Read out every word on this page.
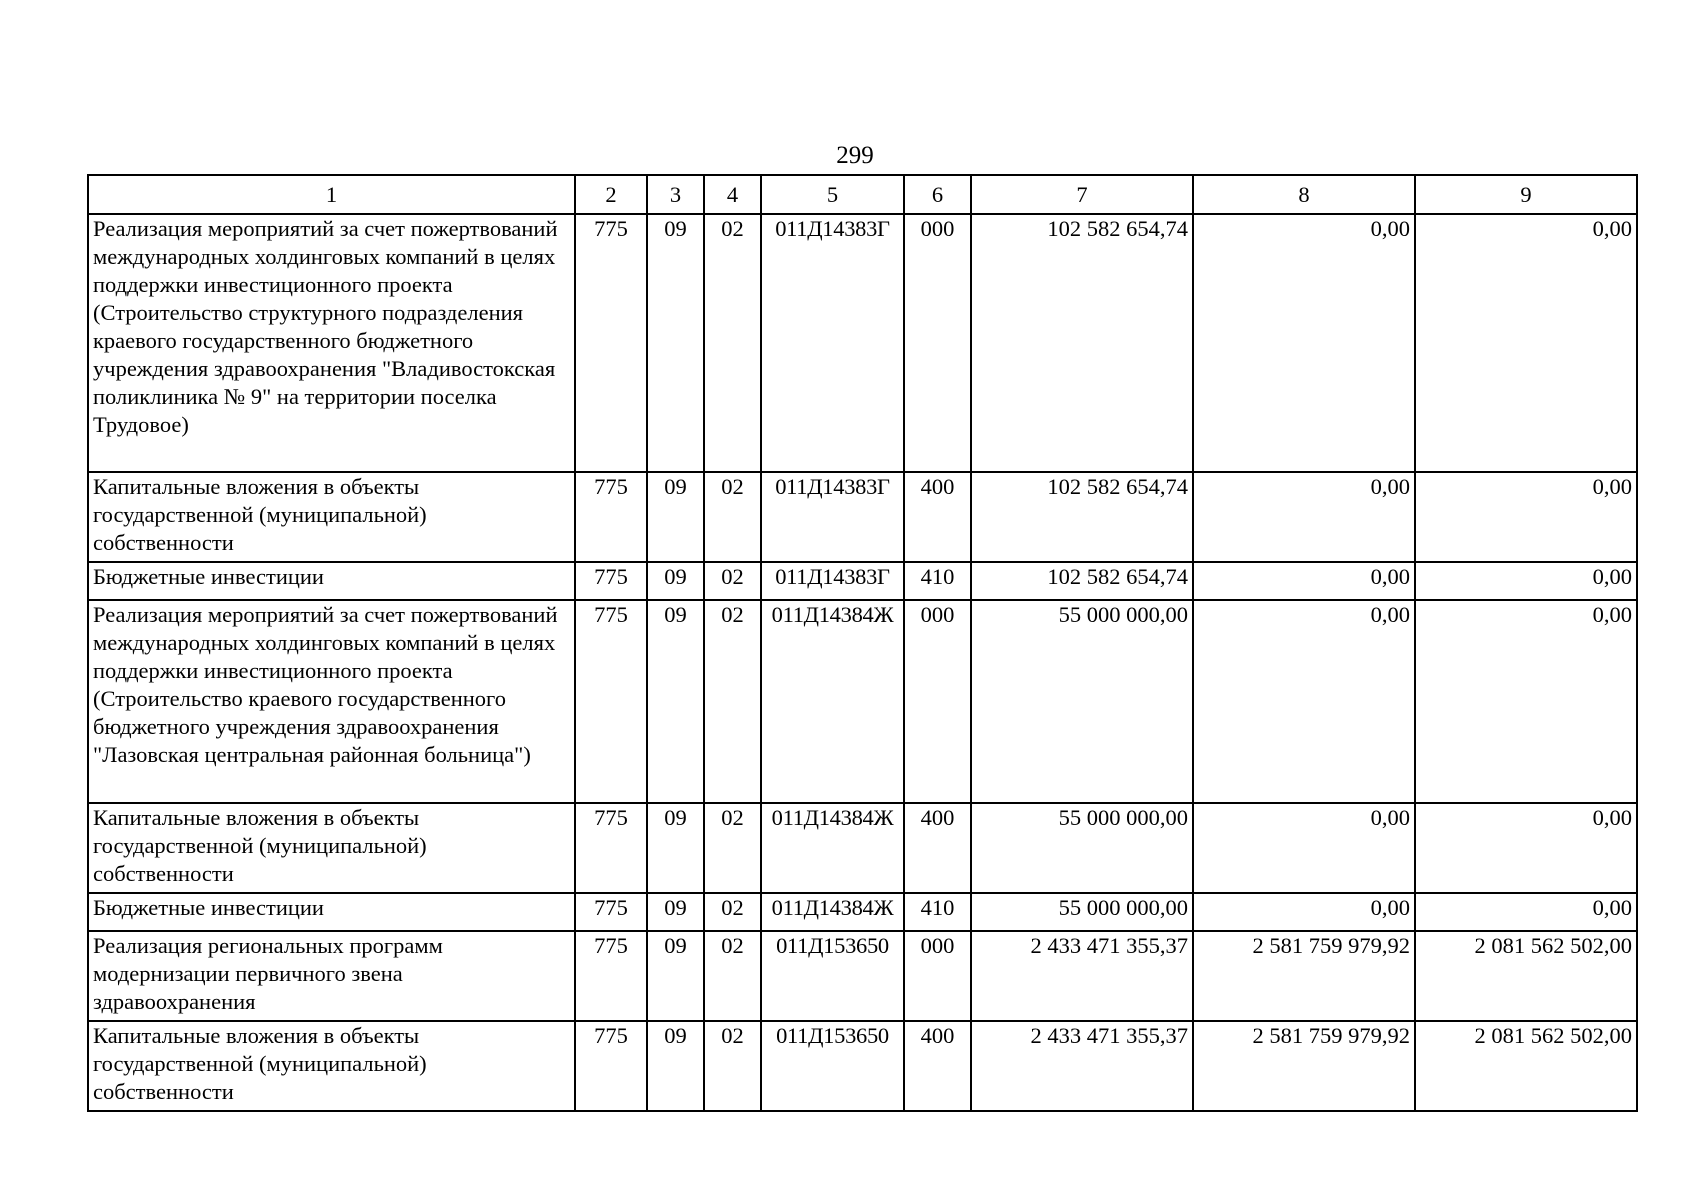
299
1	2	3	4	5	6	7	8	9
Реализация мероприятий за счет пожертвований международных холдинговых компаний в целях поддержки инвестиционного проекта (Строительство структурного подразделения краевого государственного бюджетного учреждения здравоохранения "Владивостокская поликлиника № 9" на территории поселка Трудовое)	775	09	02	011Д14383Г	000	102 582 654,74	0,00	0,00
Капитальные вложения в объекты государственной (муниципальной) собственности	775	09	02	011Д14383Г	400	102 582 654,74	0,00	0,00
Бюджетные инвестиции	775	09	02	011Д14383Г	410	102 582 654,74	0,00	0,00
Реализация мероприятий за счет пожертвований международных холдинговых компаний в целях поддержки инвестиционного проекта (Строительство краевого государственного бюджетного учреждения здравоохранения "Лазовская центральная районная больница")	775	09	02	011Д14384Ж	000	55 000 000,00	0,00	0,00
Капитальные вложения в объекты государственной (муниципальной) собственности	775	09	02	011Д14384Ж	400	55 000 000,00	0,00	0,00
Бюджетные инвестиции	775	09	02	011Д14384Ж	410	55 000 000,00	0,00	0,00
Реализация региональных программ модернизации первичного звена здравоохранения	775	09	02	011Д153650	000	2 433 471 355,37	2 581 759 979,92	2 081 562 502,00
Капитальные вложения в объекты государственной (муниципальной) собственности	775	09	02	011Д153650	400	2 433 471 355,37	2 581 759 979,92	2 081 562 502,00
